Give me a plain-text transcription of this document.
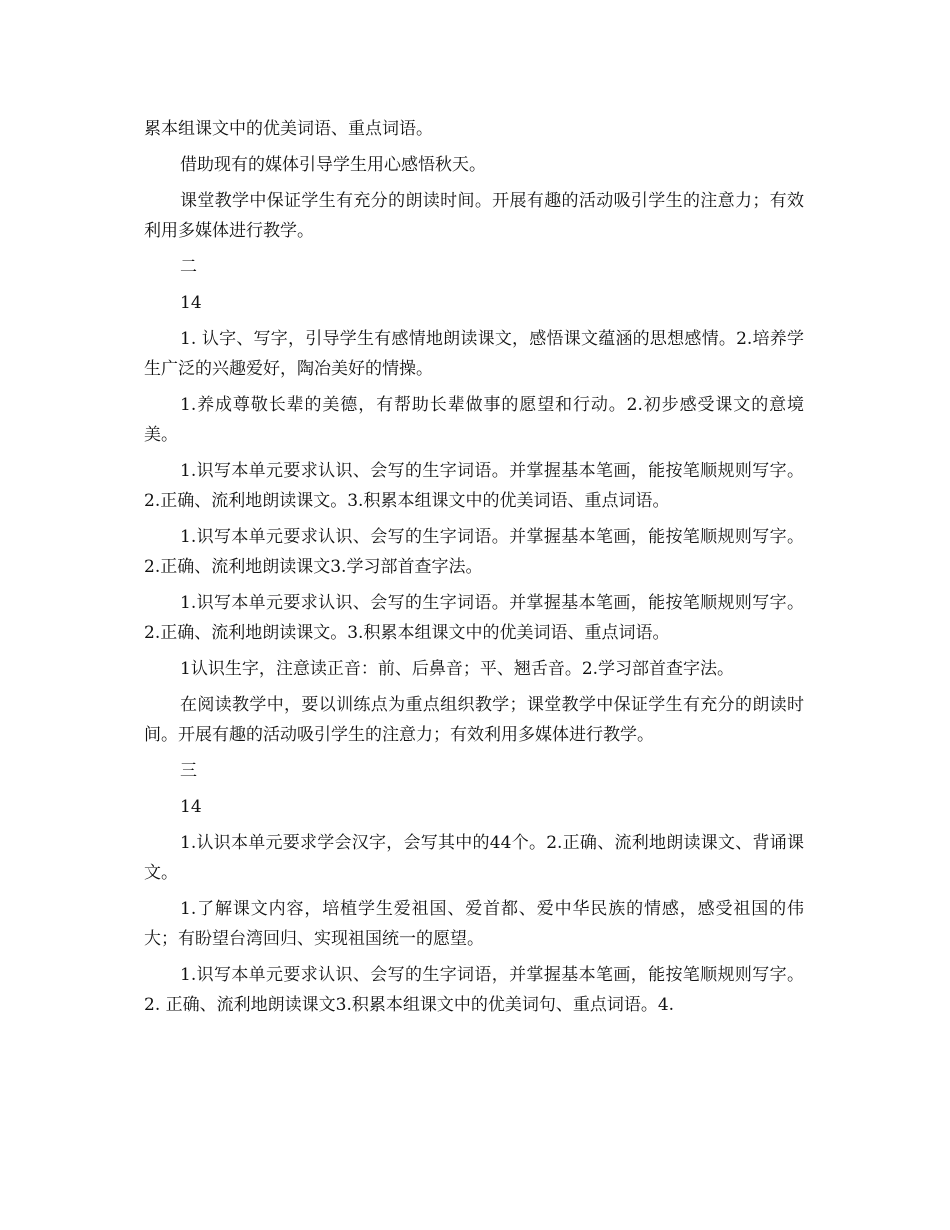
累本组课文中的优美词语、重点词语。

借助现有的媒体引导学生用心感悟秋天。

课堂教学中保证学生有充分的朗读时间。开展有趣的活动吸引学生的注意力；有效利用多媒体进行教学。

二

14

1. 认字、写字，引导学生有感情地朗读课文，感悟课文蕴涵的思想感情。2.培养学生广泛的兴趣爱好，陶冶美好的情操。

1.养成尊敬长辈的美德，有帮助长辈做事的愿望和行动。2.初步感受课文的意境美。

1.识写本单元要求认识、会写的生字词语。并掌握基本笔画，能按笔顺规则写字。 2.正确、流利地朗读课文。3.积累本组课文中的优美词语、重点词语。

1.识写本单元要求认识、会写的生字词语。并掌握基本笔画，能按笔顺规则写字。2.正确、流利地朗读课文3.学习部首查字法。

1.识写本单元要求认识、会写的生字词语。并掌握基本笔画，能按笔顺规则写字。 2.正确、流利地朗读课文。3.积累本组课文中的优美词语、重点词语。

1认识生字，注意读正音：前、后鼻音；平、翘舌音。2.学习部首查字法。

在阅读教学中，要以训练点为重点组织教学；课堂教学中保证学生有充分的朗读时间。开展有趣的活动吸引学生的注意力；有效利用多媒体进行教学。

三

14

1.认识本单元要求学会汉字，会写其中的44个。2.正确、流利地朗读课文、背诵课文。

1.了解课文内容，培植学生爱祖国、爱首都、爱中华民族的情感，感受祖国的伟大；有盼望台湾回归、实现祖国统一的愿望。

1.识写本单元要求认识、会写的生字词语，并掌握基本笔画，能按笔顺规则写字。2. 正确、流利地朗读课文3.积累本组课文中的优美词句、重点词语。4.
